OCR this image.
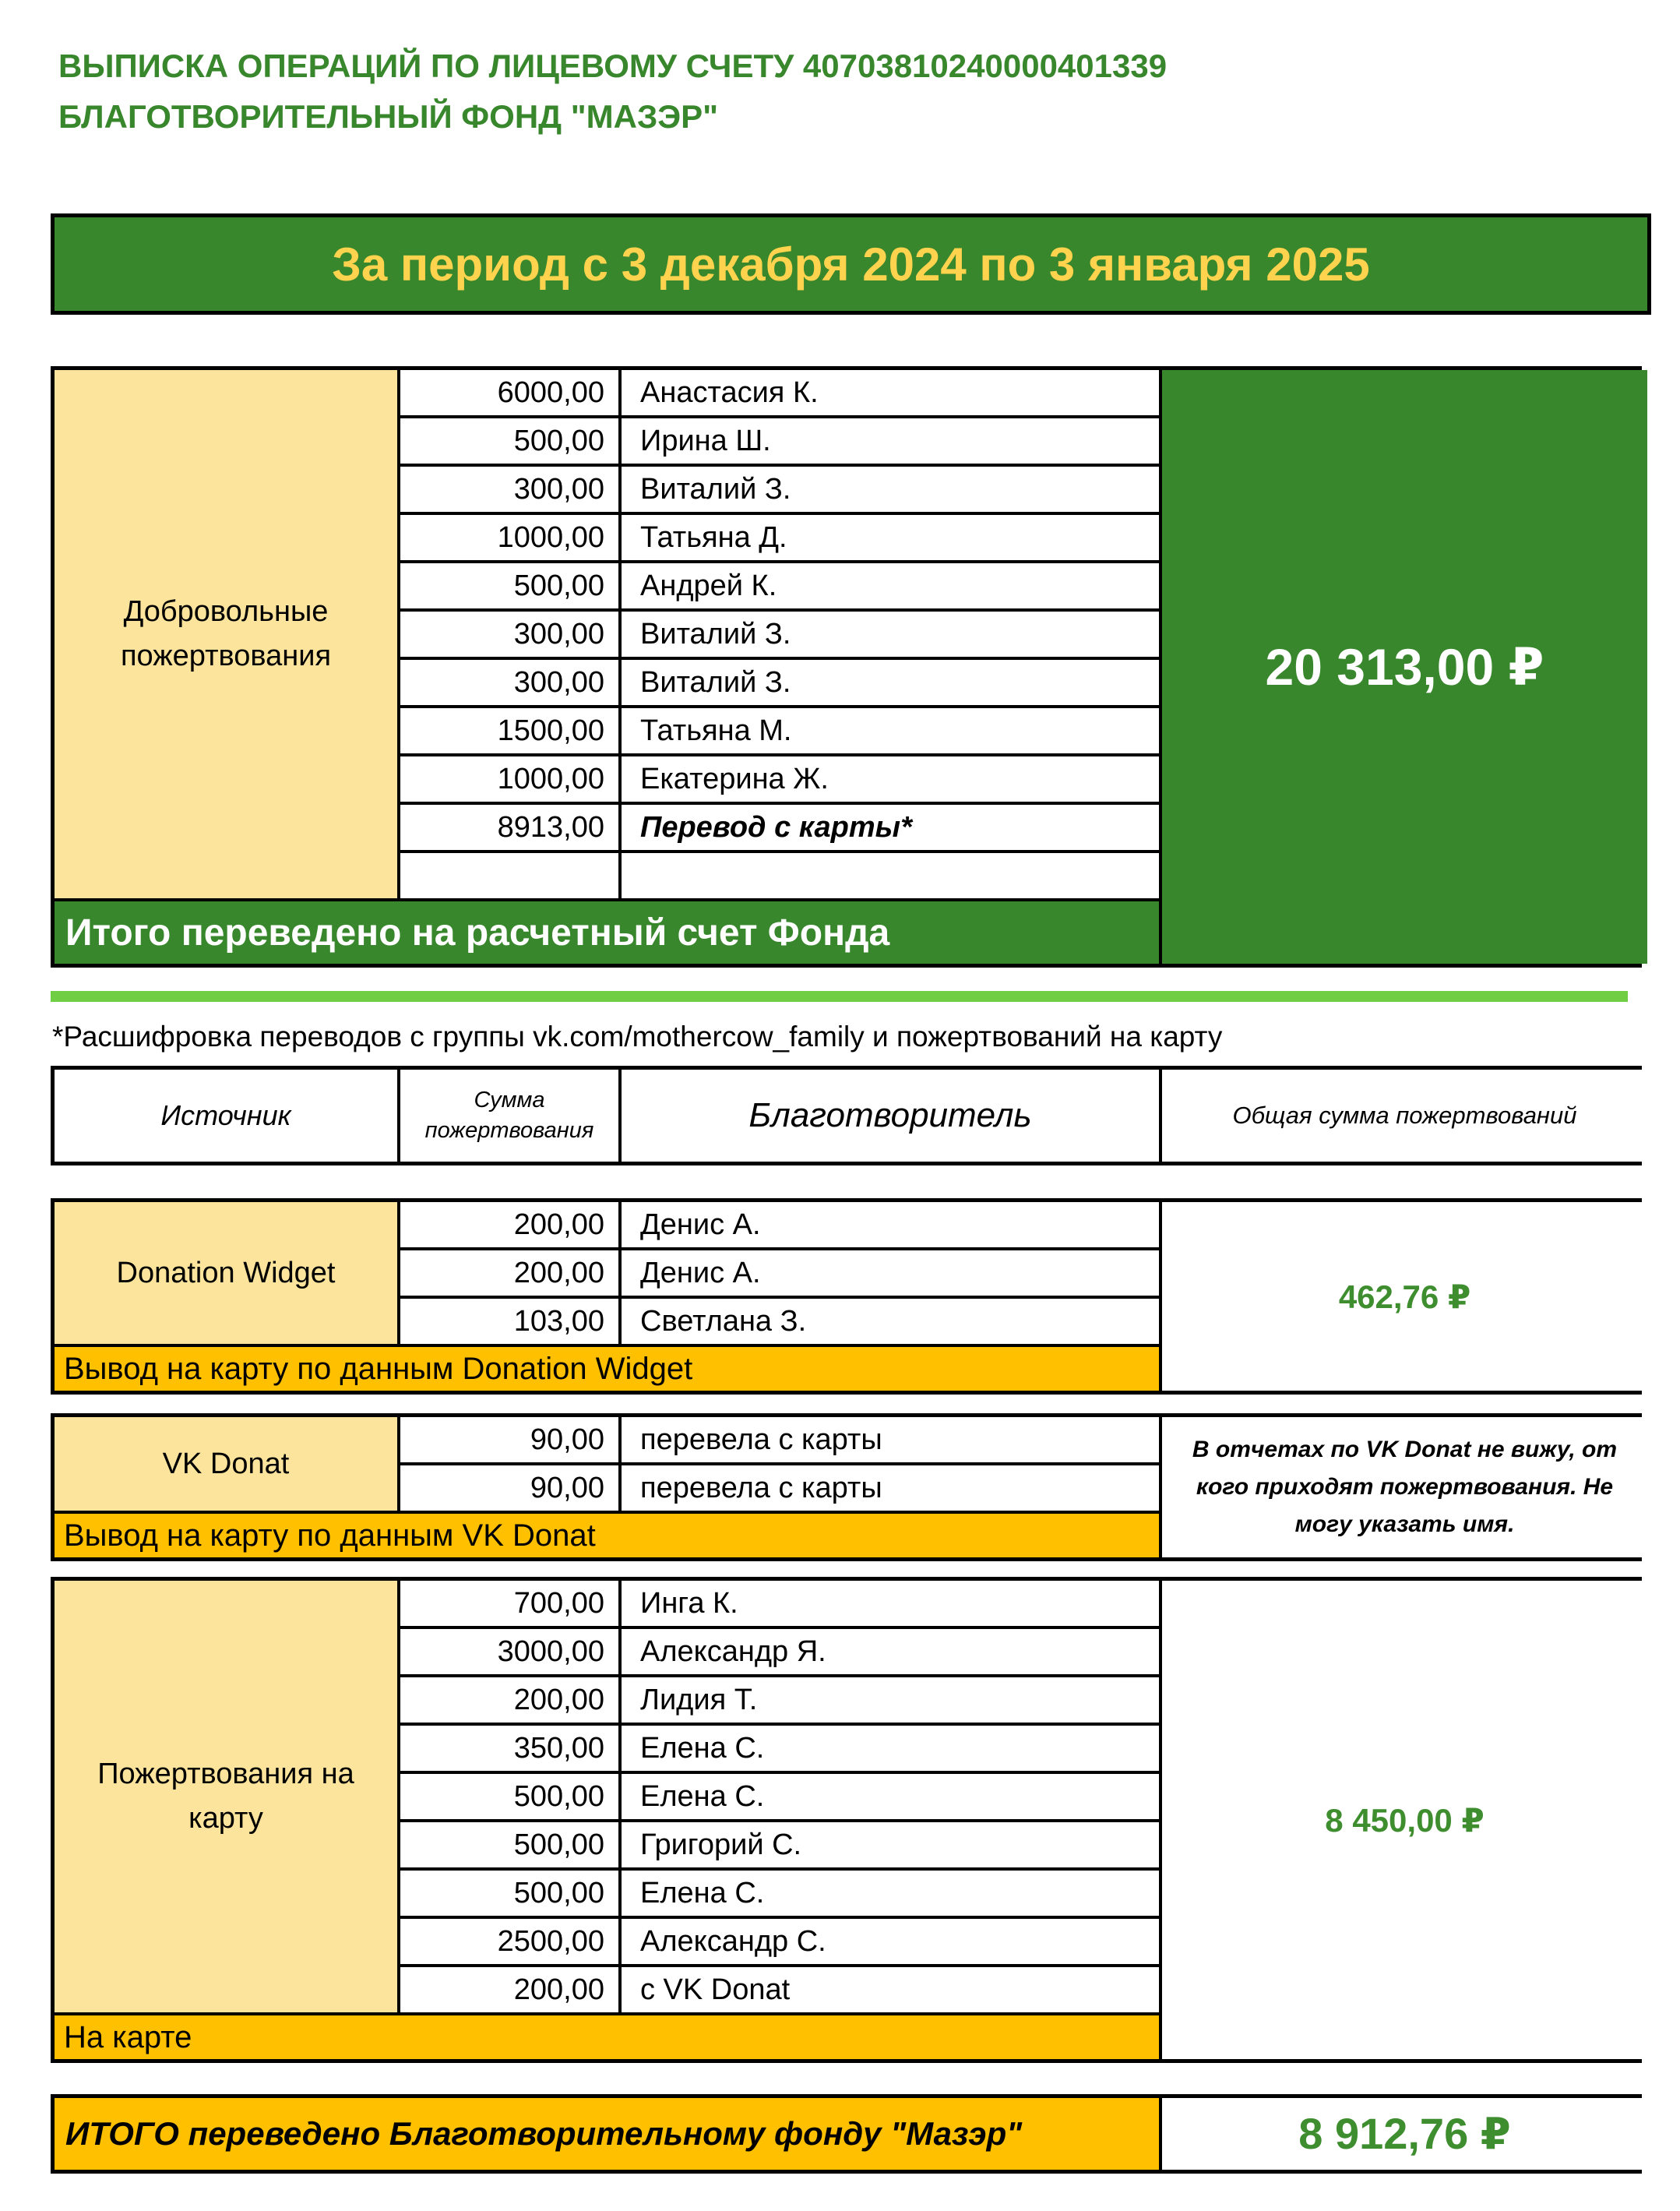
ВЫПИСКА ОПЕРАЦИЙ ПО ЛИЦЕВОМУ СЧЕТУ 40703810240000401339
БЛАГОТВОРИТЕЛЬНЫЙ ФОНД "МАЗЭР"
За период с 3 декабря 2024 по 3 января 2025
Добровольные пожертвования	20 313,00 ₽
6000,00	Анастасия К.
500,00	Ирина Ш.
300,00	Виталий З.
1000,00	Татьяна Д.
500,00	Андрей К.
300,00	Виталий З.
300,00	Виталий З.
1500,00	Татьяна М.
1000,00	Екатерина Ж.
8913,00	Перевод с карты*
Итого переведено на расчетный счет Фонда
*Расшифровка переводов с группы vk.com/mothercow_family и пожертвований на карту
Источник	Сумма пожертвования	Благотворитель	Общая сумма пожертвований
Donation Widget
462,76 ₽
200,00	Денис А.
200,00	Денис А.
103,00	Светлана З.
Вывод на карту по данным Donation Widget
VK Donat	В отчетах по VK Donat не вижу, от кого приходят пожертвования. Не могу указать имя.
90,00	перевела с карты
90,00	перевела с карты
Вывод на карту по данным VK Donat
Пожертвования на карту	8 450,00 ₽
700,00	Инга К.
3000,00	Александр Я.
200,00	Лидия Т.
350,00	Елена С.
500,00	Елена С.
500,00	Григорий С.
500,00	Елена С.
2500,00	Александр С.
200,00	с VK Donat
На карте
ИТОГО переведено Благотворительному фонду "Мазэр"	8 912,76 ₽
